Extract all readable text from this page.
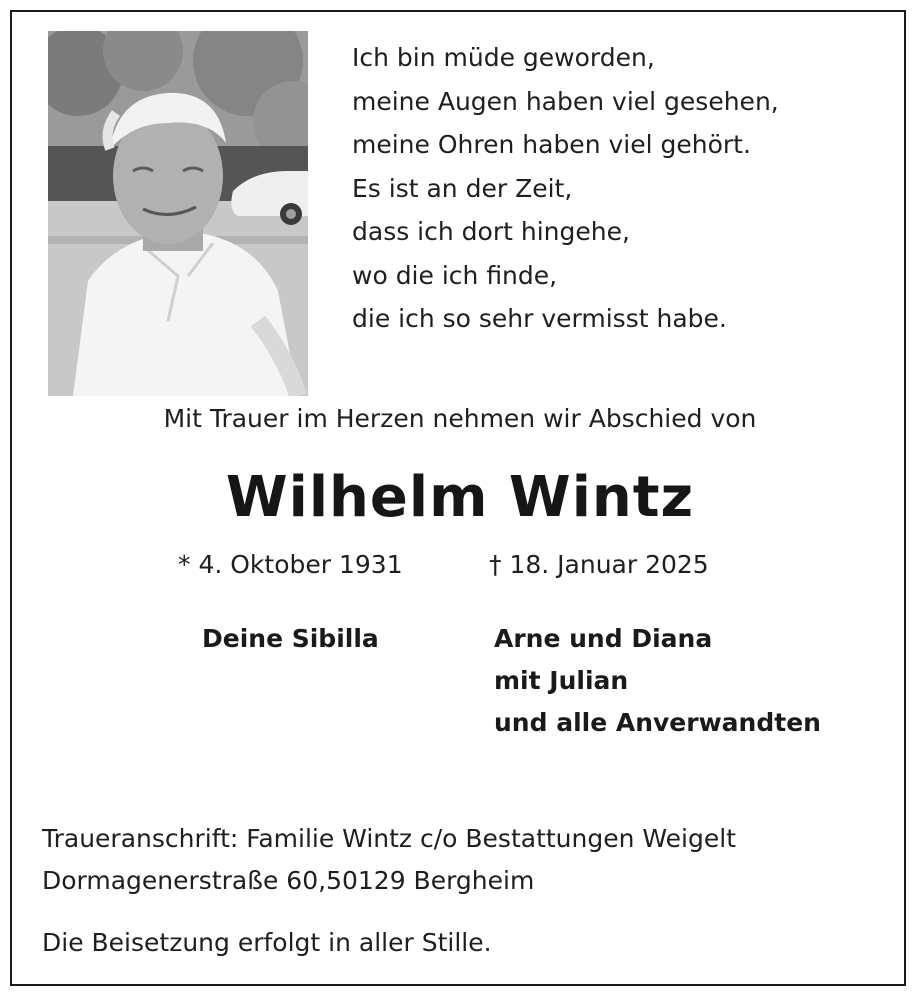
Ich bin müde geworden,
meine Augen haben viel gesehen,
meine Ohren haben viel gehört.
Es ist an der Zeit,
dass ich dort hingehe,
wo die ich finde,
die ich so sehr vermisst habe.
Mit Trauer im Herzen nehmen wir Abschied von
Wilhelm Wintz
* 4. Oktober 1931	† 18. Januar 2025
Deine Sibilla	Arne und Diana
mit Julian
und alle Anverwandten
Traueranschrift: Familie Wintz c/o Bestattungen Weigelt
Dormagenerstraße 60,50129 Bergheim
Die Beisetzung erfolgt in aller Stille.
